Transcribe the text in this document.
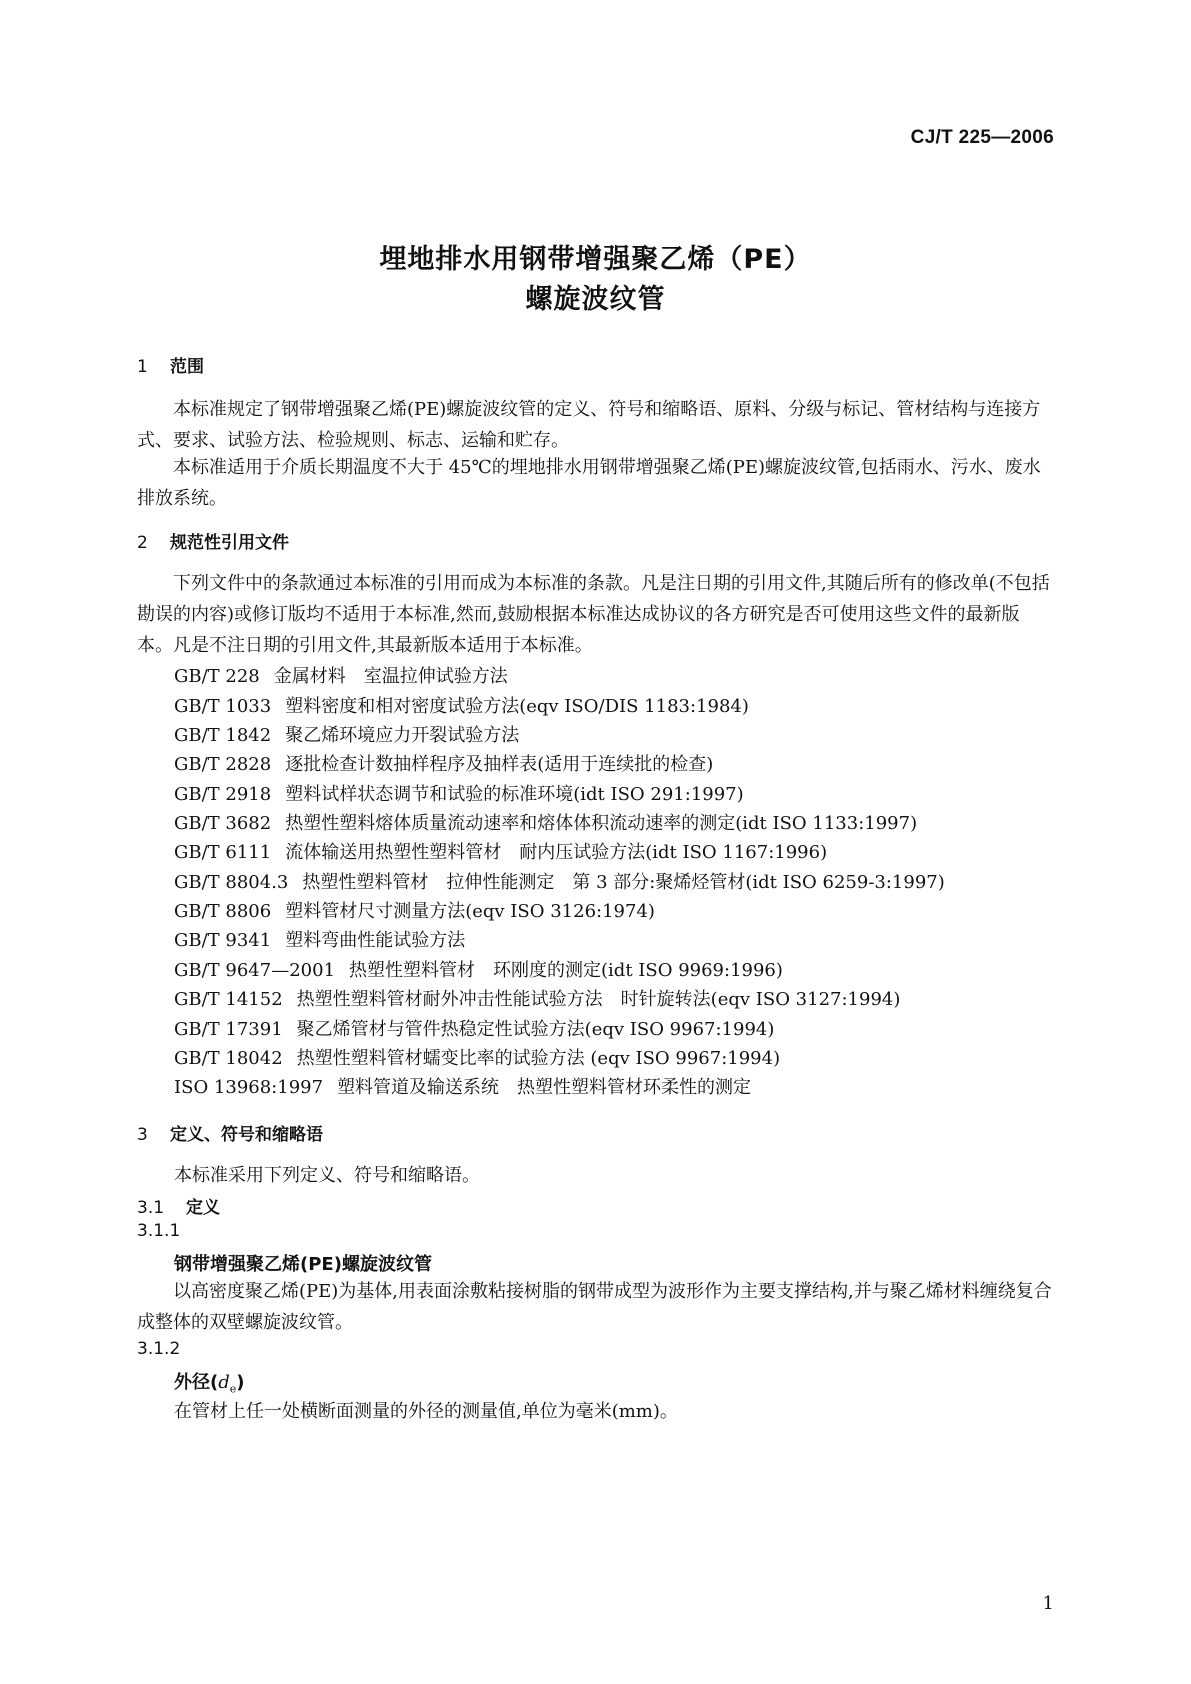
CJ/T 225—2006
埋地排水用钢带增强聚乙烯（PE）
螺旋波纹管
1 范围
本标准规定了钢带增强聚乙烯(PE)螺旋波纹管的定义、符号和缩略语、原料、分级与标记、管材结构与连接方式、要求、试验方法、检验规则、标志、运输和贮存。
本标准适用于介质长期温度不大于 45℃的埋地排水用钢带增强聚乙烯(PE)螺旋波纹管,包括雨水、污水、废水排放系统。
2 规范性引用文件
下列文件中的条款通过本标准的引用而成为本标准的条款。凡是注日期的引用文件,其随后所有的修改单(不包括勘误的内容)或修订版均不适用于本标准,然而,鼓励根据本标准达成协议的各方研究是否可使用这些文件的最新版本。凡是不注日期的引用文件,其最新版本适用于本标准。
GB/T 228 金属材料　室温拉伸试验方法
GB/T 1033 塑料密度和相对密度试验方法(eqv ISO/DIS 1183:1984)
GB/T 1842 聚乙烯环境应力开裂试验方法
GB/T 2828 逐批检查计数抽样程序及抽样表(适用于连续批的检查)
GB/T 2918 塑料试样状态调节和试验的标准环境(idt ISO 291:1997)
GB/T 3682 热塑性塑料熔体质量流动速率和熔体体积流动速率的测定(idt ISO 1133:1997)
GB/T 6111 流体输送用热塑性塑料管材　耐内压试验方法(idt ISO 1167:1996)
GB/T 8804.3 热塑性塑料管材　拉伸性能测定　第 3 部分:聚烯烃管材(idt ISO 6259-3:1997)
GB/T 8806 塑料管材尺寸测量方法(eqv ISO 3126:1974)
GB/T 9341 塑料弯曲性能试验方法
GB/T 9647—2001 热塑性塑料管材　环刚度的测定(idt ISO 9969:1996)
GB/T 14152 热塑性塑料管材耐外冲击性能试验方法　时针旋转法(eqv ISO 3127:1994)
GB/T 17391 聚乙烯管材与管件热稳定性试验方法(eqv ISO 9967:1994)
GB/T 18042 热塑性塑料管材蠕变比率的试验方法 (eqv ISO 9967:1994)
ISO 13968:1997 塑料管道及输送系统　热塑性塑料管材环柔性的测定
3 定义、符号和缩略语
本标准采用下列定义、符号和缩略语。
3.1 定义
3.1.1
钢带增强聚乙烯(PE)螺旋波纹管
以高密度聚乙烯(PE)为基体,用表面涂敷粘接树脂的钢带成型为波形作为主要支撑结构,并与聚乙烯材料缠绕复合成整体的双壁螺旋波纹管。
3.1.2
外径$(d_e)$
在管材上任一处横断面测量的外径的测量值,单位为毫米(mm)。
1
